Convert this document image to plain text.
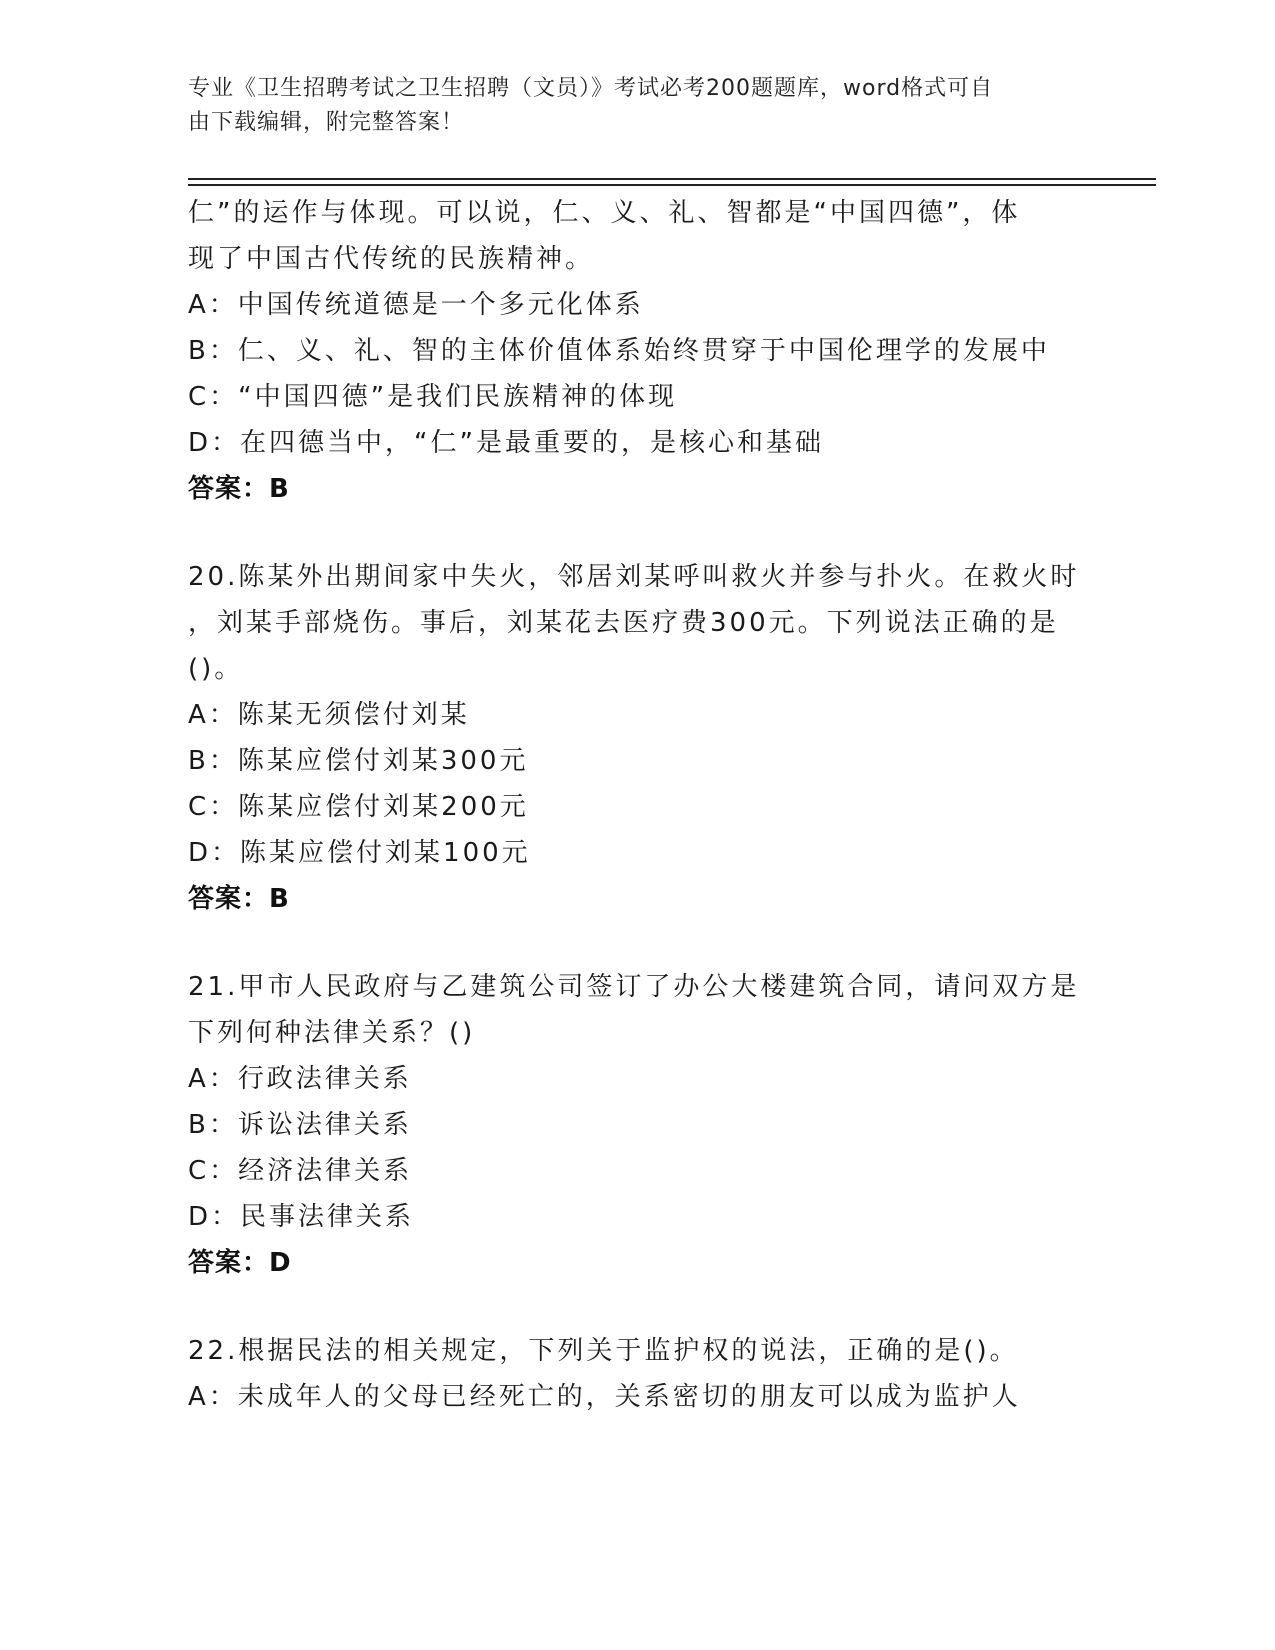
专业《卫生招聘考试之卫生招聘（文员）》考试必考200题题库，word格式可自
由下载编辑，附完整答案！
仁”的运作与体现。可以说，仁、义、礼、智都是“中国四德”，体
现了中国古代传统的民族精神。
A：中国传统道德是一个多元化体系
B：仁、义、礼、智的主体价值体系始终贯穿于中国伦理学的发展中
C：“中国四德”是我们民族精神的体现
D：在四德当中，“仁”是最重要的，是核心和基础
答案：B
20.陈某外出期间家中失火，邻居刘某呼叫救火并参与扑火。在救火时
，刘某手部烧伤。事后，刘某花去医疗费300元。下列说法正确的是
()。
A：陈某无须偿付刘某
B：陈某应偿付刘某300元
C：陈某应偿付刘某200元
D：陈某应偿付刘某100元
答案：B
21.甲市人民政府与乙建筑公司签订了办公大楼建筑合同，请问双方是
下列何种法律关系？()
A：行政法律关系
B：诉讼法律关系
C：经济法律关系
D：民事法律关系
答案：D
22.根据民法的相关规定，下列关于监护权的说法，正确的是()。
A：未成年人的父母已经死亡的，关系密切的朋友可以成为监护人
